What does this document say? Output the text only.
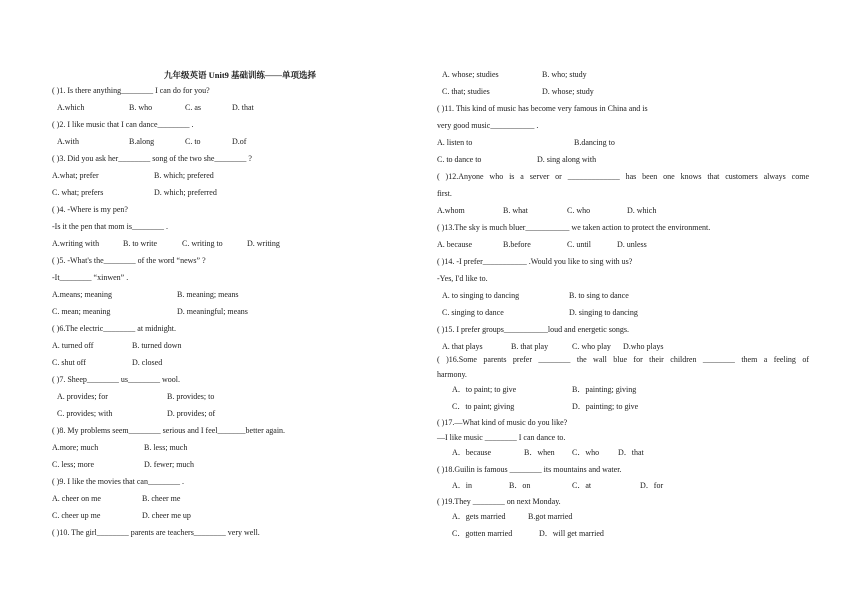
九年级英语 Unit9 基础训练——单项选择
( )1. Is there anything________ I can do for you?
A.which	B. who	C. as	D. that
( )2. I like music that I can dance________ .
A.with	B.along	C. to	D.of
( )3. Did you ask her________ song of the two she________ ?
A.what; prefer	B. which; prefered
C. what; prefers	D. which; preferred
( )4. -Where is my pen?
-Is it the pen that mom is________ .
A.writing with	B. to write	C. writing to	D. writing
( )5. -What's the________ of the word “news” ?
-It________ “xinwen” .
A.means; meaning	B. meaning; means
C. mean; meaning	D. meaningful; means
( )6.The electric________ at midnight.
A. turned off	B. turned down
C. shut off	D. closed
( )7. Sheep________ us________ wool.
A. provides; for	B. provides; to
C. provides; with	D. provides; of
( )8. My problems seem________ serious and I feel_______better again.
A.more; much	B. less; much
C. less; more	D. fewer; much
( )9. I like the movies that can________ .
A. cheer on me	B. cheer me
C. cheer up me	D. cheer me up
( )10. The girl________ parents are teachers________ very well.
A. whose; studies	B. who; study
C. that; studies	D. whose; study
( )11. This kind of music has become very famous in China and is
very good music___________ .
A. listen to	B.dancing to
C. to dance to	D. sing along with
( )12.Anyone who is a server or _____________ has been one knows that customers always come
first.
A.whom	B. what	C. who	D. which
( )13.The sky is much bluer___________ we taken action to protect the environment.
A. because	B.before	C. until	D. unless
( )14. -I prefer___________ .Would you like to sing with us?
-Yes, I'd like to.
A. to singing to dancing	B. to sing to dance
C. singing to dance	D. singing to dancing
( )15. I prefer groups___________loud and energetic songs.
A. that plays	B. that play	C. who play D.who plays
( )16.Some parents prefer ________ the wall blue for their children ________ them a feeling of
harmony.
A．to paint; to give	B．painting; giving
C．to paint; giving	D．painting; to give
( )17.—What kind of music do you like?
—I like music ________ I can dance to.
A．because	B．when C．who D．that
( )18.Guilin is famous ________ its mountains and water.
A．in	B．on	C．at	D．for
( )19.They ________ on next Monday.
A．gets married	B.got married
C．gotten married	D．will get married
